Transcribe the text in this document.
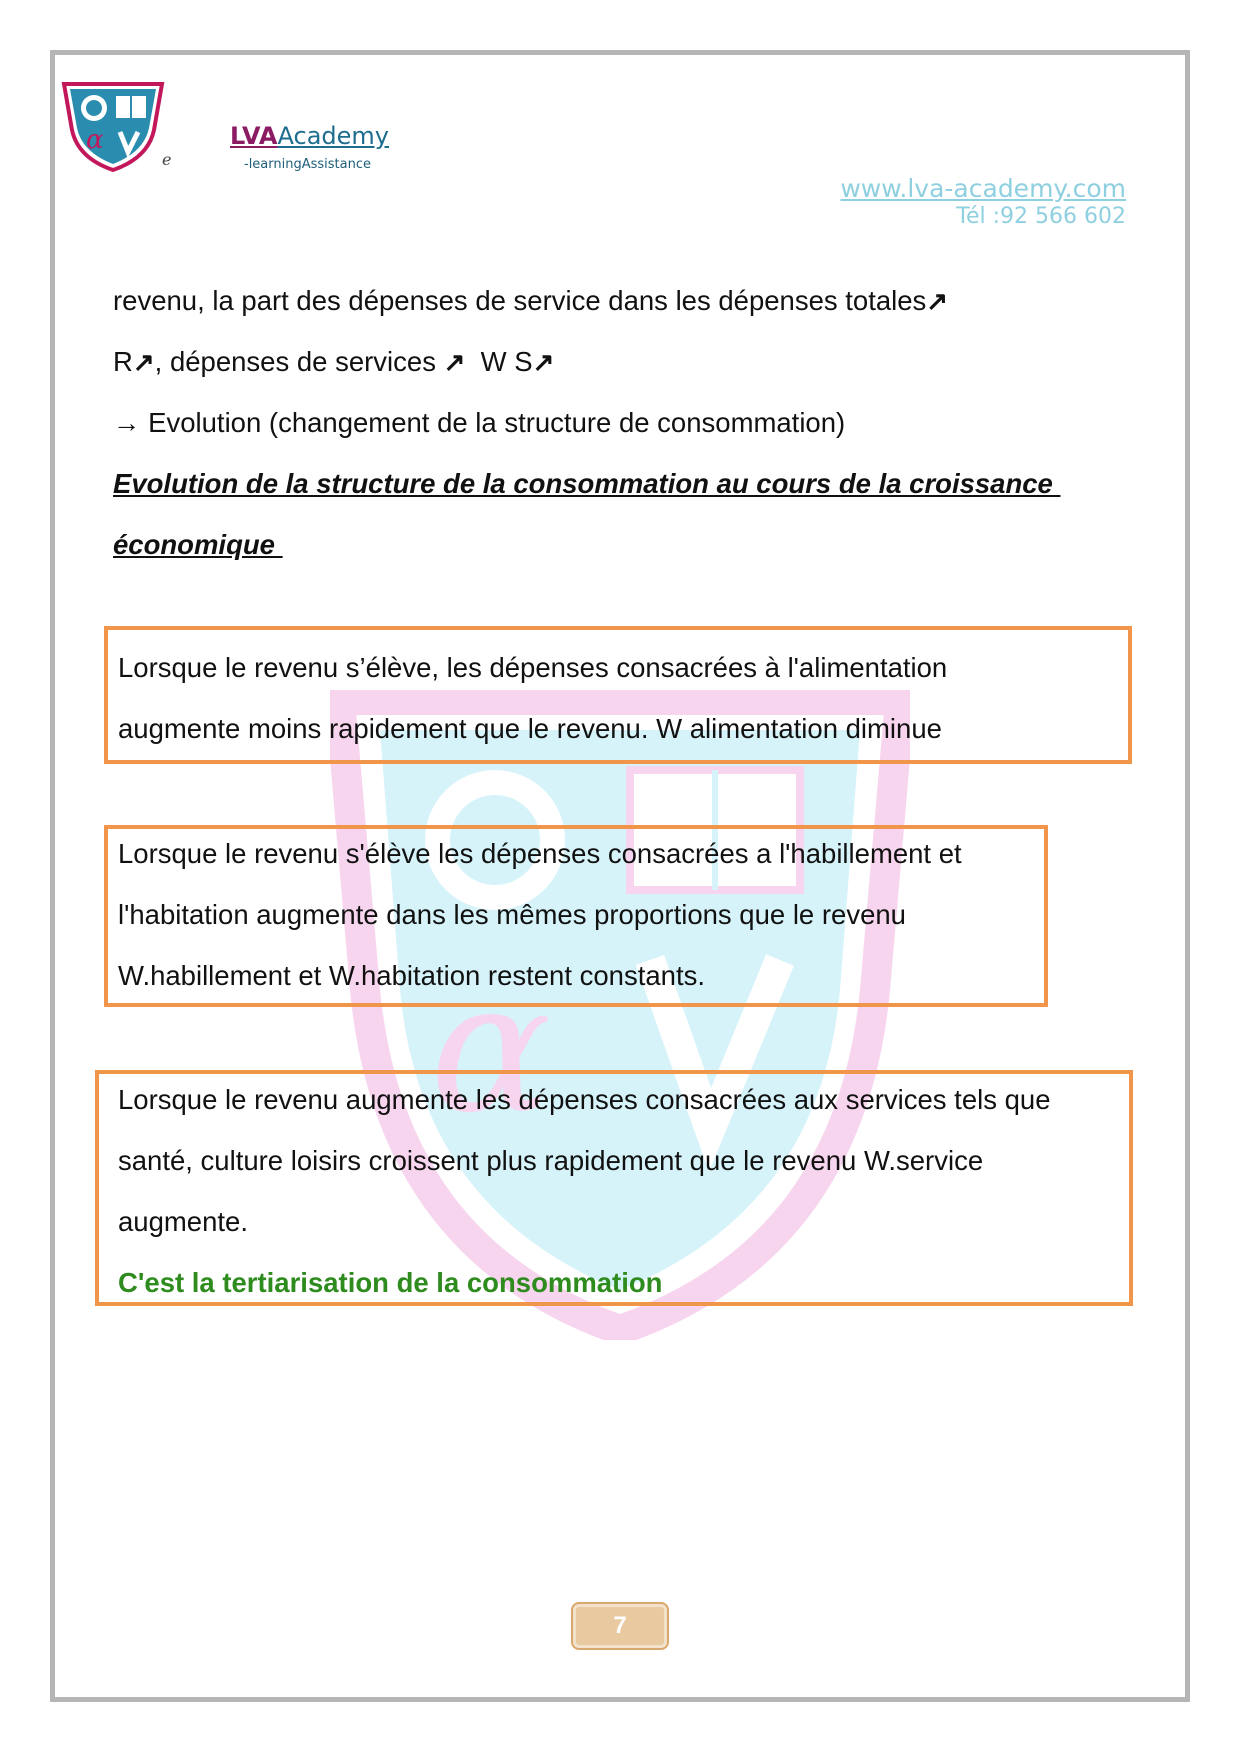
α
e
LVAAcademy
-learningAssistance
www.lva-academy.com
Tél :92 566 602
α
revenu, la part des dépenses de service dans les dépenses totales↗
R↗, dépenses de services ↗ W S↗
→ Evolution (changement de la structure de consommation)
Evolution de la structure de la consommation au cours de la croissance
économique
Lorsque le revenu s’élève, les dépenses consacrées à l'alimentation
augmente moins rapidement que le revenu. W alimentation diminue
Lorsque le revenu s'élève les dépenses consacrées a l'habillement et
l'habitation augmente dans les mêmes proportions que le revenu
W.habillement et W.habitation restent constants.
Lorsque le revenu augmente les dépenses consacrées aux services tels que
santé, culture loisirs croissent plus rapidement que le revenu W.service
augmente.
C'est la tertiarisation de la consommation
7
